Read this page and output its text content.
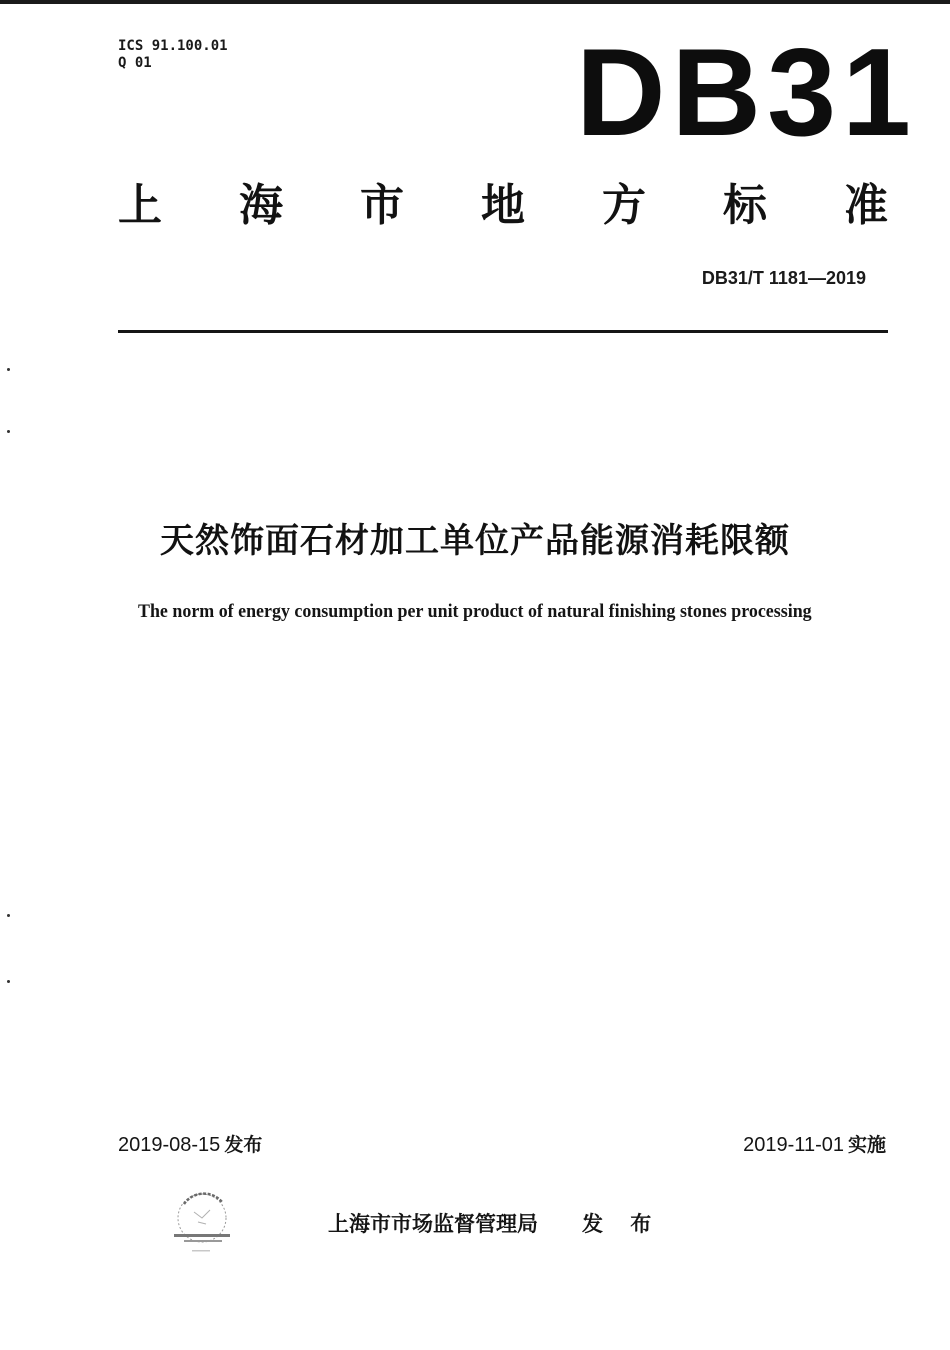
ICS 91.100.01
Q 01	DB31
上 海 市 地 方 标 准
DB31/T 1181—2019
天然饰面石材加工单位产品能源消耗限额
The norm of energy consumption per unit product of natural finishing stones processing
2019-08-15 发布	2019-11-01 实施
上海市市场监督管理局 发 布
